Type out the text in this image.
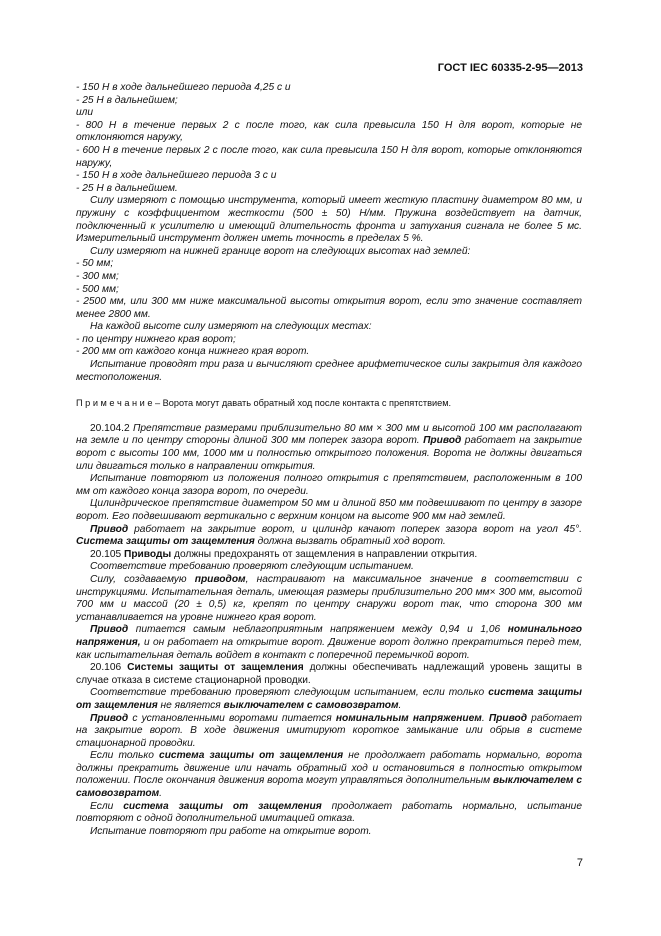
ГОСТ IEC 60335-2-95—2013

- 150 Н в ходе дальнейшего периода 4,25 с и

- 25 Н в дальнейшем;

или

- 800 Н в течение первых 2 с после того, как сила превысила 150 Н для ворот, которые не отклоняются наружу,

- 600 Н в течение первых 2 с после того, как сила превысила 150 Н для ворот, которые отклоняются наружу,

- 150 Н в ходе дальнейшего периода 3 с и

- 25 Н в дальнейшем.

Силу измеряют с помощью инструмента, который имеет жесткую пластину диаметром 80 мм, и пружину с коэффициентом жесткости (500 ± 50) Н/мм. Пружина воздействует на датчик, подключенный к усилителю и имеющий длительность фронта и затухания сигнала не более 5 мс. Измерительный инструмент должен иметь точность в пределах 5 %.

Силу измеряют на нижней границе ворот на следующих высотах над землей:

- 50 мм;

- 300 мм;

- 500 мм;

- 2500 мм, или 300 мм ниже максимальной высоты открытия ворот, если это значение составляет менее 2800 мм.

На каждой высоте силу измеряют на следующих местах:

- по центру нижнего края ворот;

- 200 мм от каждого конца нижнего края ворот.

Испытание проводят три раза и вычисляют среднее арифметическое силы закрытия для каждого местоположения.

П р и м е ч а н и е – Ворота могут давать обратный ход после контакта с препятствием.

20.104.2 Препятствие размерами приблизительно 80 мм × 300 мм и высотой 100 мм располагают на земле и по центру стороны длиной 300 мм поперек зазора ворот. Привод работает на закрытие ворот с высоты 100 мм, 1000 мм и полностью открытого положения. Ворота не должны двигаться или двигаться только в направлении открытия.

Испытание повторяют из положения полного открытия с препятствием, расположенным в 100 мм от каждого конца зазора ворот, по очереди.

Цилиндрическое препятствие диаметром 50 мм и длиной 850 мм подвешивают по центру в зазоре ворот. Его подвешивают вертикально с верхним концом на высоте 900 мм над землей.

Привод работает на закрытие ворот, и цилиндр качают поперек зазора ворот на угол 45°. Система защиты от защемления должна вызвать обратный ход ворот.

20.105 Приводы должны предохранять от защемления в направлении открытия.

Соответствие требованию проверяют следующим испытанием.

Силу, создаваемую приводом, настраивают на максимальное значение в соответствии с инструкциями. Испытательная деталь, имеющая размеры приблизительно 200 мм× 300 мм, высотой 700 мм и массой (20 ± 0,5) кг, крепят по центру снаружи ворот так, что сторона 300 мм устанавливается на уровне нижнего края ворот.

Привод питается самым неблагоприятным напряжением между 0,94 и 1,06 номинального напряжения, и он работает на открытие ворот. Движение ворот должно прекратиться перед тем, как испытательная деталь войдет в контакт с поперечной перемычкой ворот.

20.106 Системы защиты от защемления должны обеспечивать надлежащий уровень защиты в случае отказа в системе стационарной проводки.

Соответствие требованию проверяют следующим испытанием, если только система защиты от защемления не является выключателем с самовозвратом.

Привод с установленными воротами питается номинальным напряжением. Привод работает на закрытие ворот. В ходе движения имитируют короткое замыкание или обрыв в системе стационарной проводки.

Если только система защиты от защемления не продолжает работать нормально, ворота должны прекратить движение или начать обратный ход и остановиться в полностью открытом положении. После окончания движения ворота могут управляться дополнительным выключателем с самовозвратом.

Если система защиты от защемления продолжает работать нормально, испытание повторяют с одной дополнительной имитацией отказа.

Испытание повторяют при работе на открытие ворот.

7
